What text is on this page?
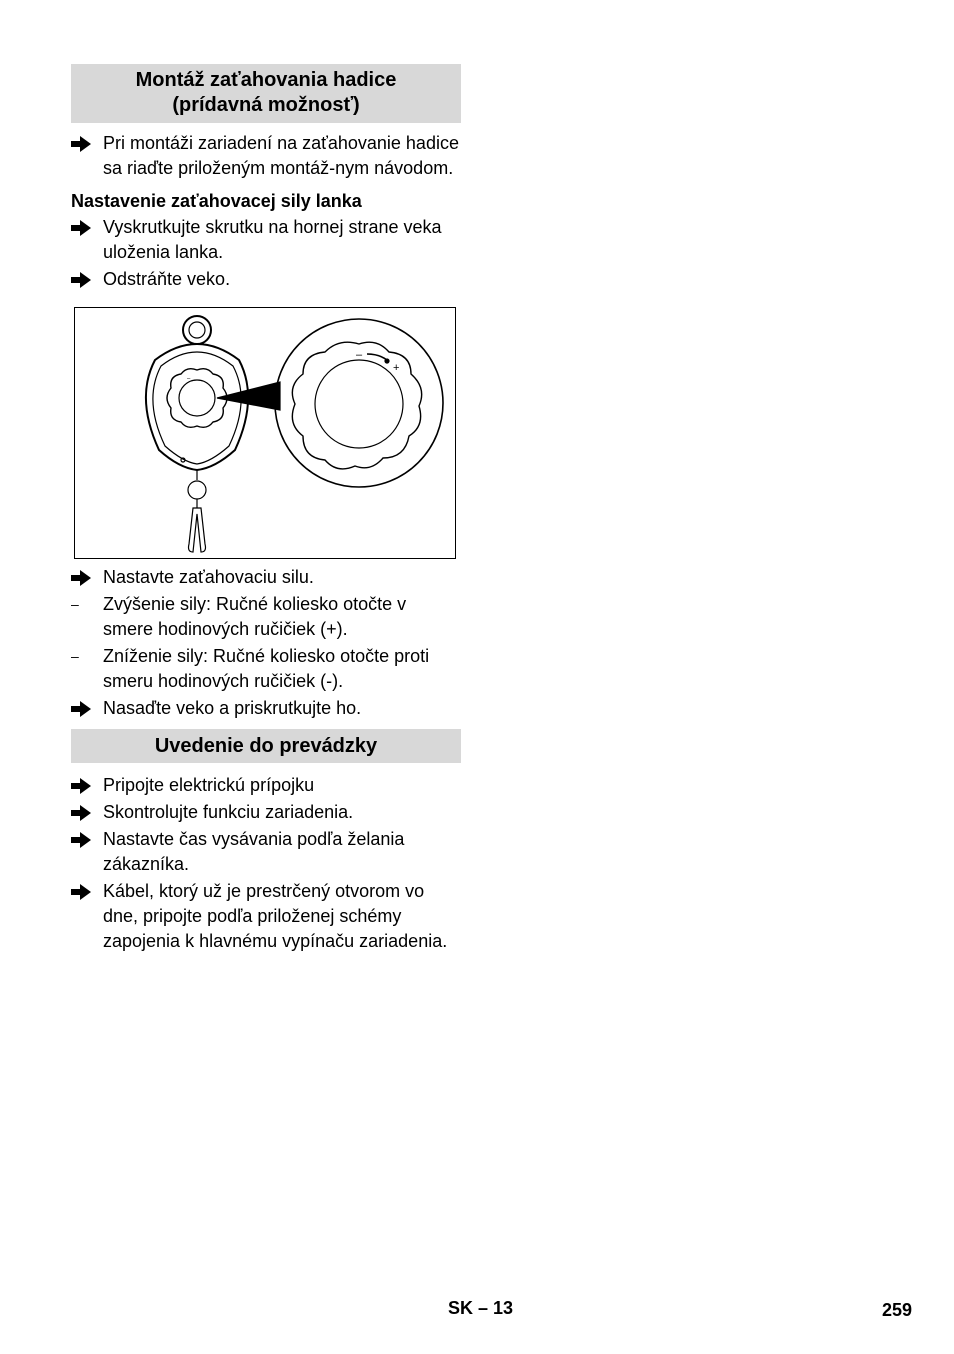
Montáž zaťahovania hadice
(prídavná možnosť)
Pri montáži zariadení na zaťahovanie hadice sa riaďte priloženým montáž-nym návodom.
Nastavenie zaťahovacej sily lanka
Vyskrutkujte skrutku na hornej strane veka uloženia lanka.
Odstráňte veko.
–
–
+
Nastavte zaťahovaciu silu.
–	Zvýšenie sily: Ručné koliesko otočte v smere hodinových ručičiek (+).
–	Zníženie sily: Ručné koliesko otočte proti smeru hodinových ručičiek (-).
Nasaďte veko a priskrutkujte ho.
Uvedenie do prevádzky
Pripojte elektrickú prípojku
Skontrolujte funkciu zariadenia.
Nastavte čas vysávania podľa želania zákazníka.
Kábel, ktorý už je prestrčený otvorom vo dne, pripojte podľa priloženej schémy zapojenia k hlavnému vypínaču zariadenia.
SK – 13	259
